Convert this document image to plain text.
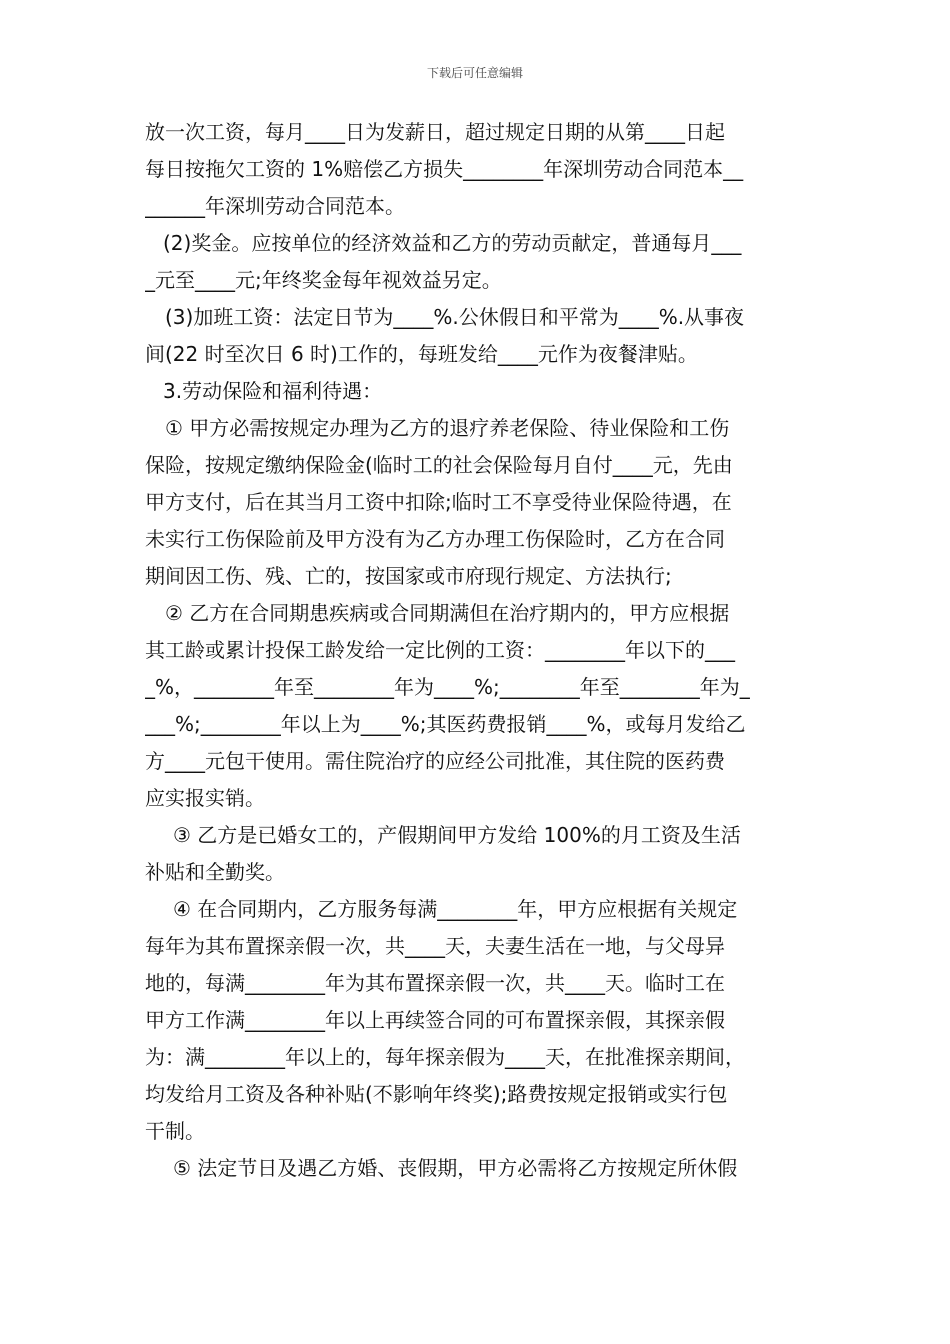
下载后可任意编辑
放一次工资，每月____日为发薪日，超过规定日期的从第____日起
每日按拖欠工资的 1%赔偿乙方损失________年深圳劳动合同范本__
______年深圳劳动合同范本。
(2)奖金。应按单位的经济效益和乙方的劳动贡献定，普通每月___
_元至____元;年终奖金每年视效益另定。
(3)加班工资：法定日节为____%.公休假日和平常为____%.从事夜
间(22 时至次日 6 时)工作的，每班发给____元作为夜餐津贴。
3.劳动保险和福利待遇：
① 甲方必需按规定办理为乙方的退疗养老保险、待业保险和工伤
保险，按规定缴纳保险金(临时工的社会保险每月自付____元，先由
甲方支付，后在其当月工资中扣除;临时工不享受待业保险待遇，在
未实行工伤保险前及甲方没有为乙方办理工伤保险时，乙方在合同
期间因工伤、残、亡的，按国家或市府现行规定、方法执行;
② 乙方在合同期患疾病或合同期满但在治疗期内的，甲方应根据
其工龄或累计投保工龄发给一定比例的工资：________年以下的___
_%，________年至________年为____%;________年至________年为_
___%;________年以上为____%;其医药费报销____%，或每月发给乙
方____元包干使用。需住院治疗的应经公司批准，其住院的医药费
应实报实销。
③ 乙方是已婚女工的，产假期间甲方发给 100%的月工资及生活
补贴和全勤奖。
④ 在合同期内，乙方服务每满________年，甲方应根据有关规定
每年为其布置探亲假一次，共____天，夫妻生活在一地，与父母异
地的，每满________年为其布置探亲假一次，共____天。临时工在
甲方工作满________年以上再续签合同的可布置探亲假，其探亲假
为：满________年以上的，每年探亲假为____天，在批准探亲期间，
均发给月工资及各种补贴(不影响年终奖);路费按规定报销或实行包
干制。
⑤ 法定节日及遇乙方婚、丧假期，甲方必需将乙方按规定所休假
